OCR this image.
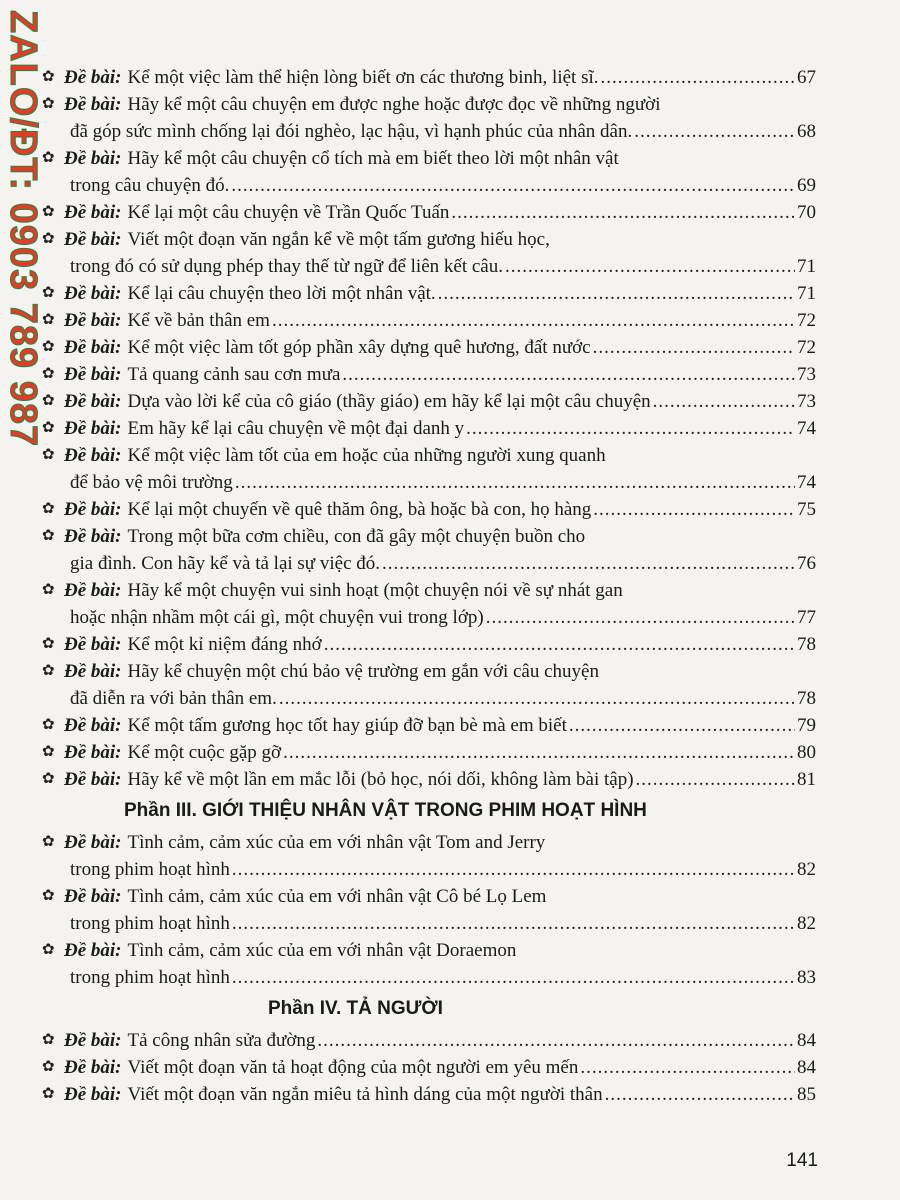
ZALO/ĐT: 0903 789 987
✿ Đề bài: Kể một việc làm thể hiện lòng biết ơn các thương binh, liệt sĩ. .....	67
✿ Đề bài: Hãy kể một câu chuyện em được nghe hoặc được đọc về những người
đã góp sức mình chống lại đói nghèo, lạc hậu, vì hạnh phúc của nhân dân. .....	68
✿ Đề bài: Hãy kể một câu chuyện cổ tích mà em biết theo lời một nhân vật
trong câu chuyện đó. .....	69
✿ Đề bài: Kể lại một câu chuyện về Trần Quốc Tuấn .....	70
✿ Đề bài: Viết một đoạn văn ngắn kể về một tấm gương hiếu học,
trong đó có sử dụng phép thay thế từ ngữ để liên kết câu. .....	71
✿ Đề bài: Kể lại câu chuyện theo lời một nhân vật. .....	71
✿ Đề bài: Kể về bản thân em .....	72
✿ Đề bài: Kể một việc làm tốt góp phần xây dựng quê hương, đất nước .....	72
✿ Đề bài: Tả quang cảnh sau cơn mưa .....	73
✿ Đề bài: Dựa vào lời kể của cô giáo (thầy giáo) em hãy kể lại một câu chuyện .....	73
✿ Đề bài: Em hãy kể lại câu chuyện về một đại danh y .....	74
✿ Đề bài: Kể một việc làm tốt của em hoặc của những người xung quanh
để bảo vệ môi trường .....	74
✿ Đề bài: Kể lại một chuyến về quê thăm ông, bà hoặc bà con, họ hàng .....	75
✿ Đề bài: Trong một bữa cơm chiều, con đã gây một chuyện buồn cho
gia đình. Con hãy kể và tả lại sự việc đó. .....	76
✿ Đề bài: Hãy kể một chuyện vui sinh hoạt (một chuyện nói về sự nhát gan
hoặc nhận nhầm một cái gì, một chuyện vui trong lớp) .....	77
✿ Đề bài: Kể một kỉ niệm đáng nhớ .....	78
✿ Đề bài: Hãy kể chuyện một chú bảo vệ trường em gắn với câu chuyện
đã diễn ra với bản thân em. .....	78
✿ Đề bài: Kể một tấm gương học tốt hay giúp đỡ bạn bè mà em biết .....	79
✿ Đề bài: Kể một cuộc gặp gỡ .....	80
✿ Đề bài: Hãy kể về một lần em mắc lỗi (bỏ học, nói dối, không làm bài tập) .....	81
Phần III. GIỚI THIỆU NHÂN VẬT TRONG PHIM HOẠT HÌNH
✿ Đề bài: Tình cảm, cảm xúc của em với nhân vật Tom and Jerry
trong phim hoạt hình .....	82
✿ Đề bài: Tình cảm, cảm xúc của em với nhân vật Cô bé Lọ Lem
trong phim hoạt hình .....	82
✿ Đề bài: Tình cảm, cảm xúc của em với nhân vật Doraemon
trong phim hoạt hình .....	83
Phần IV. TẢ NGƯỜI
✿ Đề bài: Tả công nhân sửa đường .....	84
✿ Đề bài: Viết một đoạn văn tả hoạt động của một người em yêu mến .....	84
✿ Đề bài: Viết một đoạn văn ngắn miêu tả hình dáng của một người thân .....	85
141
